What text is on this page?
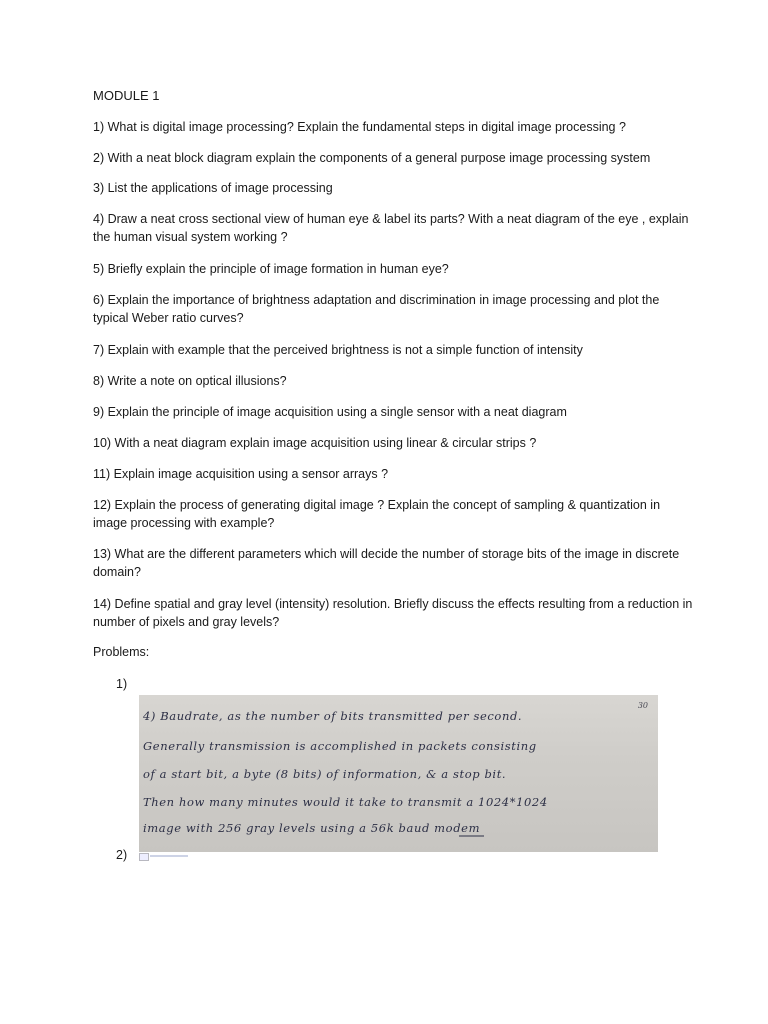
MODULE 1
1) What is digital image processing? Explain the fundamental steps in digital image processing ?
2) With a neat block diagram explain the components of a general purpose image processing system
3) List the applications of image processing
4) Draw a neat cross sectional view of human eye & label its parts? With a neat diagram of the eye , explain the human visual system working ?
5) Briefly explain the principle of image formation in human eye?
6) Explain the importance of brightness adaptation and discrimination in image processing and plot the typical Weber ratio curves?
7) Explain with example that the perceived brightness is not a simple function of intensity
8) Write a note on optical illusions?
9) Explain the principle of image acquisition using a single sensor with a neat diagram
10) With a neat diagram explain image acquisition using linear & circular strips ?
11) Explain image acquisition using a sensor arrays ?
12) Explain the process of generating digital image ? Explain the concept of sampling & quantization in image processing with example?
13) What are the different parameters which will decide the number of storage bits of the image in discrete domain?
14) Define spatial and gray level (intensity) resolution. Briefly discuss the effects resulting from a reduction in number of pixels and gray levels?
Problems:
1)
30
4) Baudrate, as the number of bits transmitted per second.
Generally transmission is accomplished in packets consisting
of a start bit, a byte (8 bits) of information, & a stop bit.
Then how many minutes would it take to transmit a 1024*1024
image with 256 gray levels using a 56k baud modem
2)
